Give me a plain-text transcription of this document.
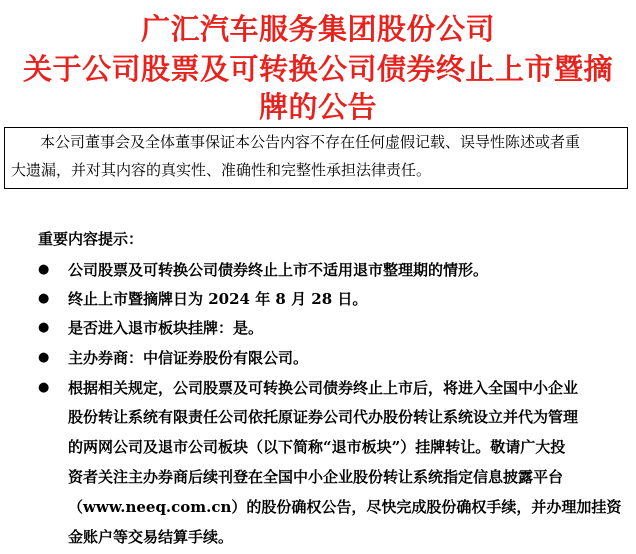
广汇汽车服务集团股份公司
关于公司股票及可转换公司债券终止上市暨摘
牌的公告
本公司董事会及全体董事保证本公告内容不存在任何虚假记载、误导性陈述或者重
大遗漏，并对其内容的真实性、准确性和完整性承担法律责任。
重要内容提示：
● 公司股票及可转换公司债券终止上市不适用退市整理期的情形。
● 终止上市暨摘牌日为 2024 年 8 月 28 日。
● 是否进入退市板块挂牌：是。
● 主办券商：中信证券股份有限公司。
● 根据相关规定，公司股票及可转换公司债券终止上市后，将进入全国中小企业
股份转让系统有限责任公司依托原证券公司代办股份转让系统设立并代为管理
的两网公司及退市公司板块（以下简称“退市板块”）挂牌转让。敬请广大投
资者关注主办券商后续刊登在全国中小企业股份转让系统指定信息披露平台
（www.neeq.com.cn）的股份确权公告，尽快完成股份确权手续，并办理加挂资
金账户等交易结算手续。
